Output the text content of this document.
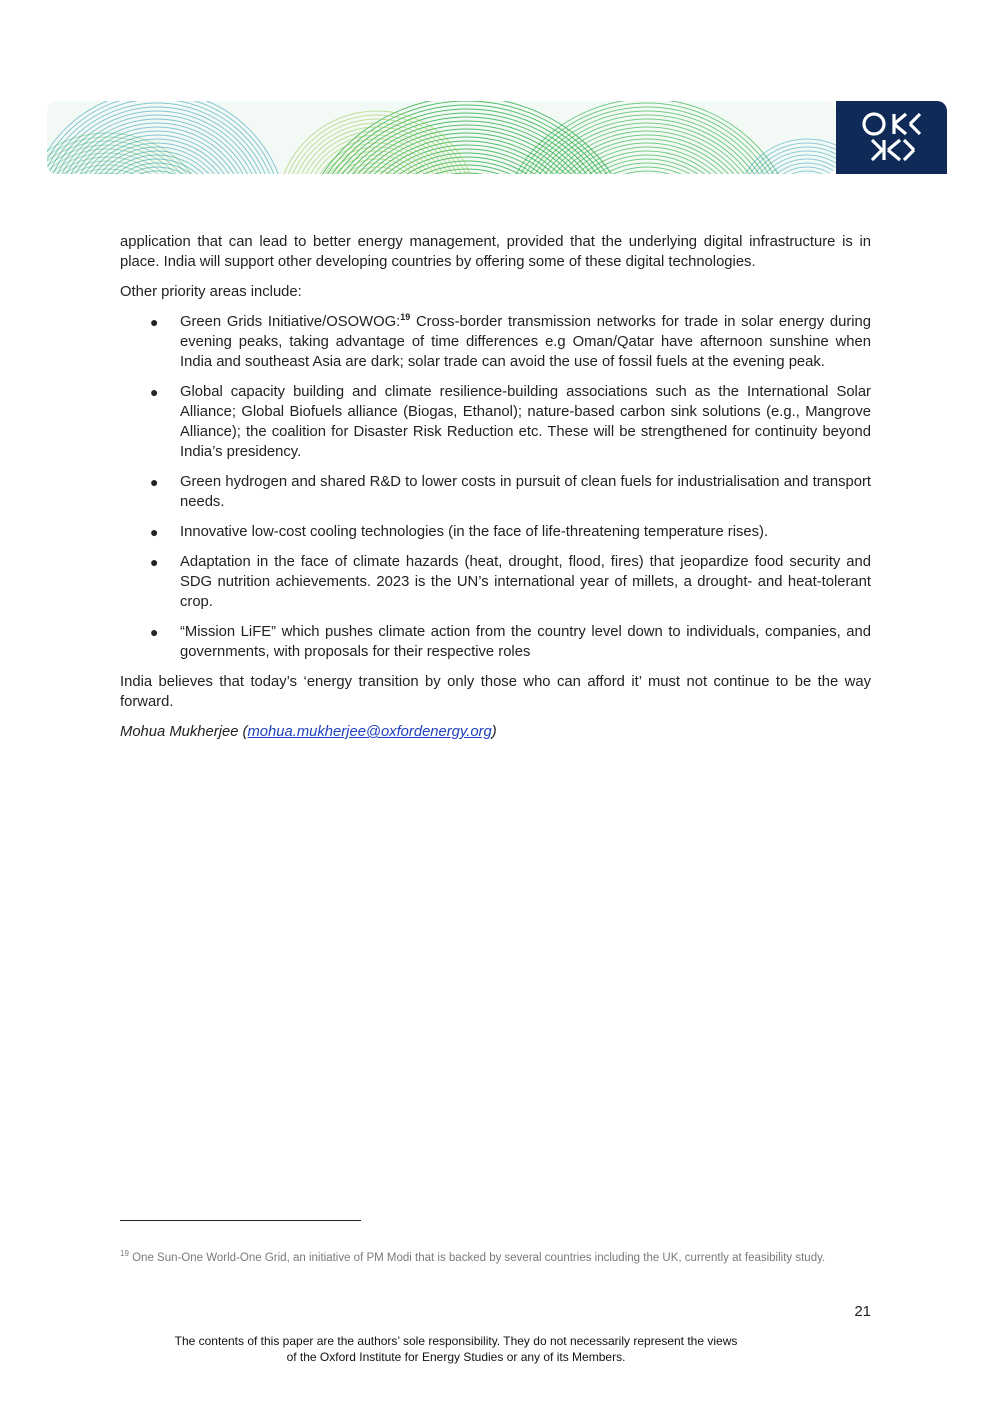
application that can lead to better energy management, provided that the underlying digital infrastructure is in place. India will support other developing countries by offering some of these digital technologies.

Other priority areas include:

● Green Grids Initiative/OSOWOG:$^{19}$ Cross-border transmission networks for trade in solar energy during evening peaks, taking advantage of time differences e.g Oman/Qatar have afternoon sunshine when India and southeast Asia are dark; solar trade can avoid the use of fossil fuels at the evening peak.
● Global capacity building and climate resilience-building associations such as the International Solar Alliance; Global Biofuels alliance (Biogas, Ethanol); nature-based carbon sink solutions (e.g., Mangrove Alliance); the coalition for Disaster Risk Reduction etc. These will be strengthened for continuity beyond India’s presidency.
● Green hydrogen and shared R&D to lower costs in pursuit of clean fuels for industrialisation and transport needs.
● Innovative low-cost cooling technologies (in the face of life-threatening temperature rises).
● Adaptation in the face of climate hazards (heat, drought, flood, fires) that jeopardize food security and SDG nutrition achievements. 2023 is the UN’s international year of millets, a drought- and heat-tolerant crop.
● “Mission LiFE” which pushes climate action from the country level down to individuals, companies, and governments, with proposals for their respective roles

India believes that today’s ‘energy transition by only those who can afford it’ must not continue to be the way forward.

Mohua Mukherjee (mohua.mukherjee@oxfordenergy.org)

$^{19}$ One Sun-One World-One Grid, an initiative of PM Modi that is backed by several countries including the UK, currently at feasibility study.
21
The contents of this paper are the authors’ sole responsibility. They do not necessarily represent the views
of the Oxford Institute for Energy Studies or any of its Members.
